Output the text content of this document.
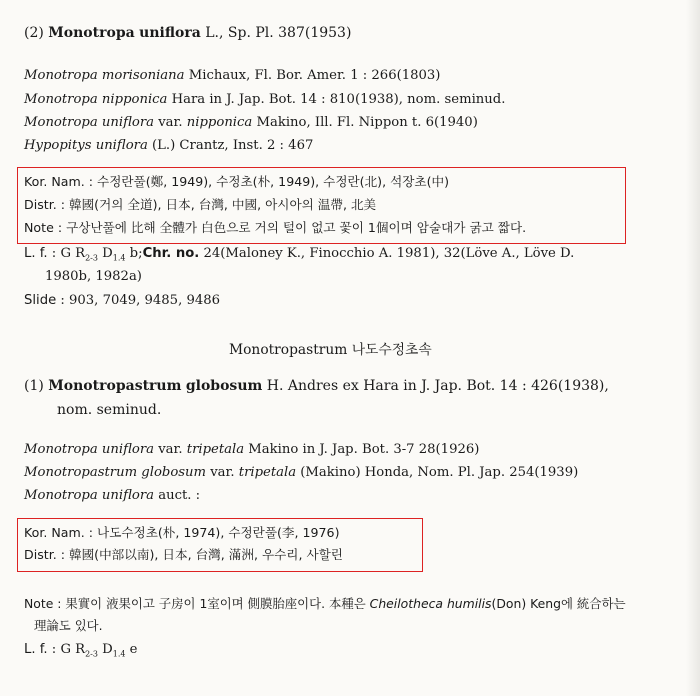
(2) Monotropa uniflora L., Sp. Pl. 387(1953)
Monotropa morisoniana Michaux, Fl. Bor. Amer. 1 : 266(1803)
Monotropa nipponica Hara in J. Jap. Bot. 14 : 810(1938), nom. seminud.
Monotropa uniflora var. nipponica Makino, Ill. Fl. Nippon t. 6(1940)
Hypopitys uniflora (L.) Crantz, Inst. 2 : 467
Kor. Nam. : 수정란풀(鄭, 1949), 수정초(朴, 1949), 수정란(北), 석장초(中)
Distr. : 韓國(거의 全道), 日本, 台灣, 中國, 아시아의 温帶, 北美
Note : 구상난풀에 比해 全體가 白色으로 거의 털이 없고 꽃이 1個이며 암술대가 굵고 짧다.
L. f. : G $R_{2-3}$ $D_{1.4}$ b;Chr. no. 24(Maloney K., Finocchio A. 1981), 32(Löve A., Löve D.
1980b, 1982a)
Slide : 903, 7049, 9485, 9486
Monotropastrum 나도수정초속
(1) Monotropastrum globosum H. Andres ex Hara in J. Jap. Bot. 14 : 426(1938),
nom. seminud.
Monotropa uniflora var. tripetala Makino in J. Jap. Bot. 3-7 28(1926)
Monotropastrum globosum var. tripetala (Makino) Honda, Nom. Pl. Jap. 254(1939)
Monotropa uniflora auct. :
Kor. Nam. : 나도수정초(朴, 1974), 수정란풀(李, 1976)
Distr. : 韓國(中部以南), 日本, 台灣, 滿洲, 우수리, 사할린
Note : 果實이 液果이고 子房이 1室이며 側膜胎座이다. 本種은 Cheilotheca humilis(Don) Keng에 統合하는
理論도 있다.
L. f. : G $R_{2-3}$ $D_{1.4}$ e
